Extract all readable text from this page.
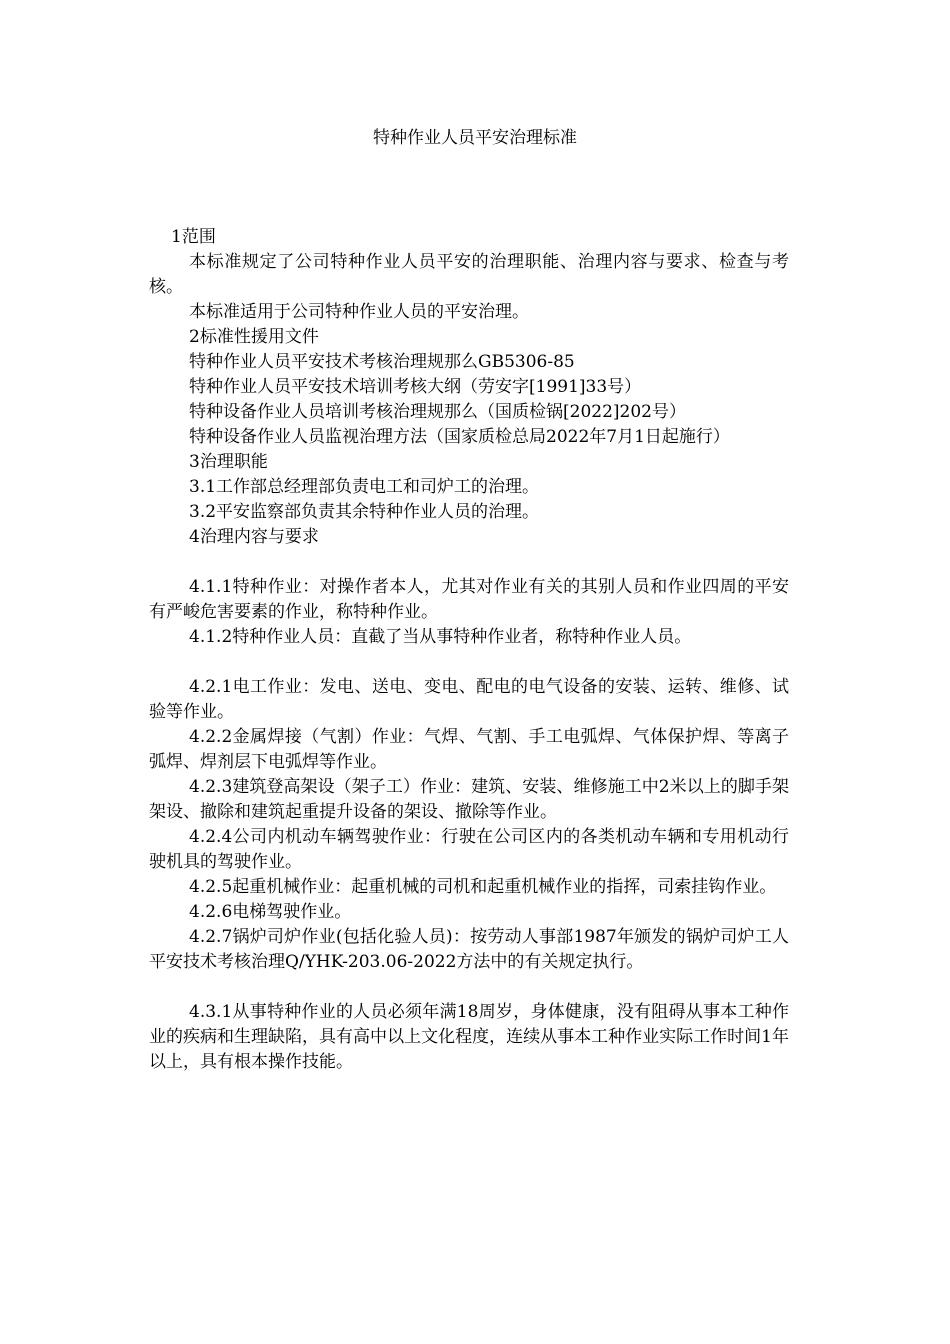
特种作业人员平安治理标准

1范围

本标准规定了公司特种作业人员平安的治理职能、治理内容与要求、检查与考核。

本标准适用于公司特种作业人员的平安治理。

2标准性援用文件

特种作业人员平安技术考核治理规那么GB5306-85

特种作业人员平安技术培训考核大纲（劳安字[1991]33号）

特种设备作业人员培训考核治理规那么（国质检锅[2022]202号）

特种设备作业人员监视治理方法（国家质检总局2022年7月1日起施行）

3治理职能

3.1工作部总经理部负责电工和司炉工的治理。

3.2平安监察部负责其余特种作业人员的治理。

4治理内容与要求

4.1.1特种作业：对操作者本人，尤其对作业有关的其别人员和作业四周的平安有严峻危害要素的作业，称特种作业。

4.1.2特种作业人员：直截了当从事特种作业者，称特种作业人员。

4.2.1电工作业：发电、送电、变电、配电的电气设备的安装、运转、维修、试验等作业。

4.2.2金属焊接（气割）作业：气焊、气割、手工电弧焊、气体保护焊、等离子弧焊、焊剂层下电弧焊等作业。

4.2.3建筑登高架设（架子工）作业：建筑、安装、维修施工中2米以上的脚手架架设、撤除和建筑起重提升设备的架设、撤除等作业。

4.2.4公司内机动车辆驾驶作业：行驶在公司区内的各类机动车辆和专用机动行驶机具的驾驶作业。

4.2.5起重机械作业：起重机械的司机和起重机械作业的指挥，司索挂钩作业。

4.2.6电梯驾驶作业。

4.2.7锅炉司炉作业(包括化验人员)：按劳动人事部1987年颁发的锅炉司炉工人平安技术考核治理Q/YHK-203.06-2022方法中的有关规定执行。

4.3.1从事特种作业的人员必须年满18周岁，身体健康，没有阻碍从事本工种作业的疾病和生理缺陷，具有高中以上文化程度，连续从事本工种作业实际工作时间1年以上，具有根本操作技能。
